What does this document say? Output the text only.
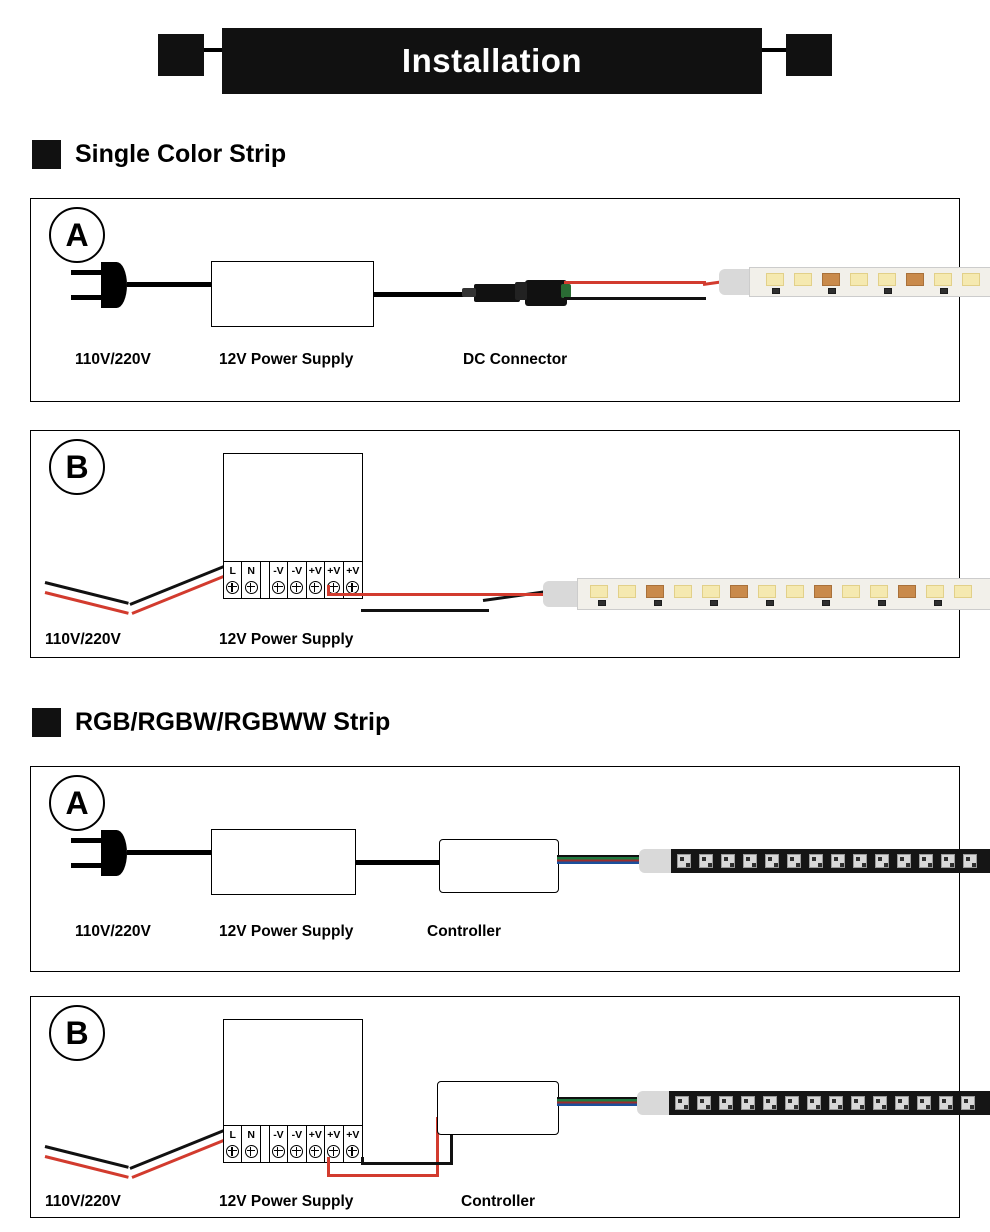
Installation
Single Color Strip
A
110V/220V	12V Power Supply	DC Connector
B
L N -V -V +V +V +V
110V/220V	12V Power Supply
RGB/RGBW/RGBWW Strip
A
110V/220V	12V Power Supply	Controller
B
L N -V -V +V +V +V
110V/220V	12V Power Supply	Controller
